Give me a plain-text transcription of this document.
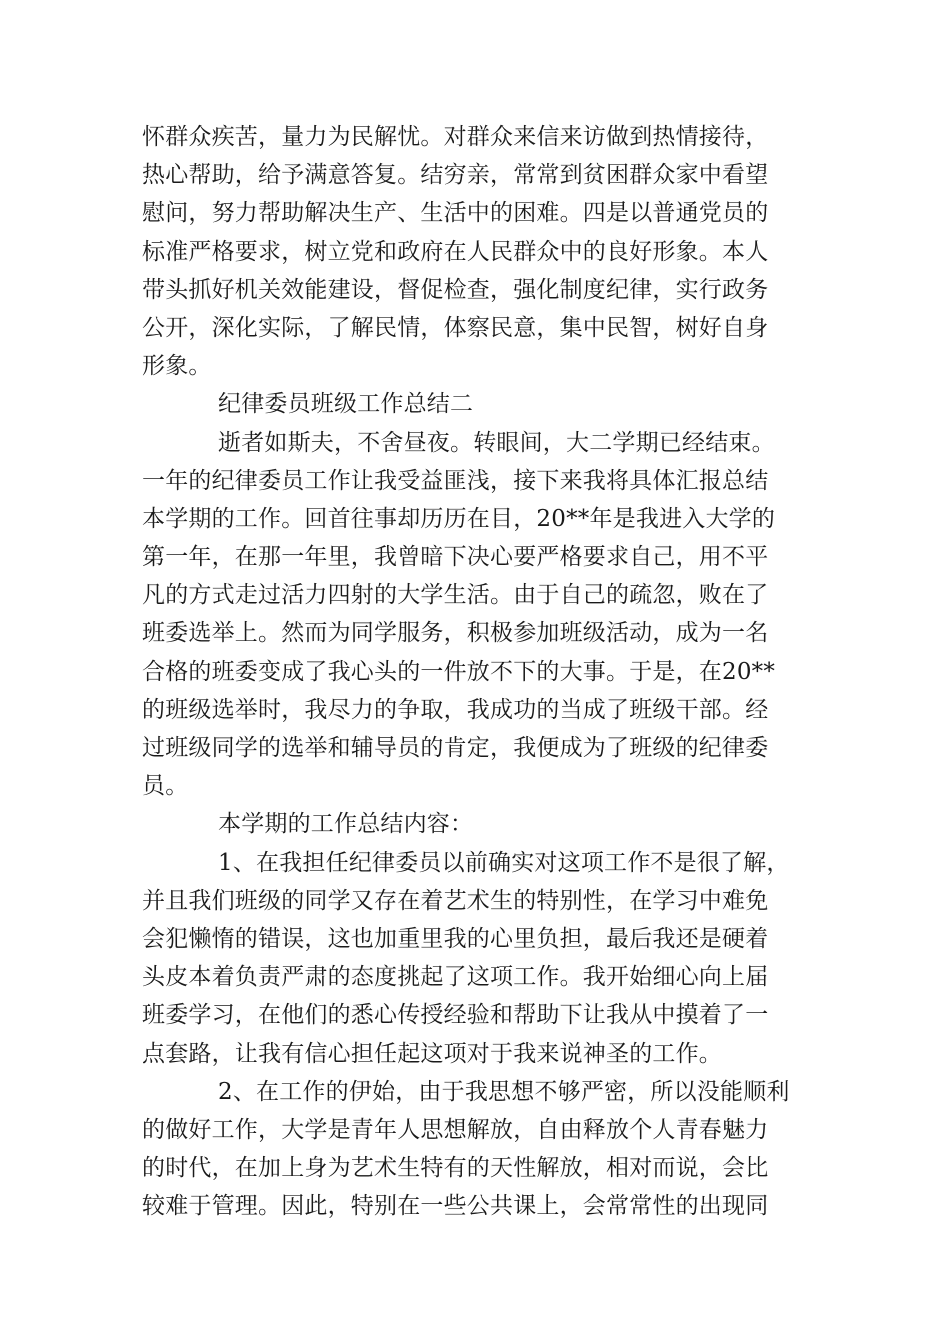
怀群众疾苦，量力为民解忧。对群众来信来访做到热情接待，
热心帮助，给予满意答复。结穷亲，常常到贫困群众家中看望
慰问，努力帮助解决生产、生活中的困难。四是以普通党员的
标准严格要求，树立党和政府在人民群众中的良好形象。本人
带头抓好机关效能建设，督促检查，强化制度纪律，实行政务
公开，深化实际，了解民情，体察民意，集中民智，树好自身
形象。
纪律委员班级工作总结二
逝者如斯夫，不舍昼夜。转眼间，大二学期已经结束。
一年的纪律委员工作让我受益匪浅，接下来我将具体汇报总结
本学期的工作。回首往事却历历在目，20**年是我进入大学的
第一年，在那一年里，我曾暗下决心要严格要求自己，用不平
凡的方式走过活力四射的大学生活。由于自己的疏忽，败在了
班委选举上。然而为同学服务，积极参加班级活动，成为一名
合格的班委变成了我心头的一件放不下的大事。于是，在20**
的班级选举时，我尽力的争取，我成功的当成了班级干部。经
过班级同学的选举和辅导员的肯定，我便成为了班级的纪律委
员。
本学期的工作总结内容：
1、在我担任纪律委员以前确实对这项工作不是很了解，
并且我们班级的同学又存在着艺术生的特别性，在学习中难免
会犯懒惰的错误，这也加重里我的心里负担，最后我还是硬着
头皮本着负责严肃的态度挑起了这项工作。我开始细心向上届
班委学习，在他们的悉心传授经验和帮助下让我从中摸着了一
点套路，让我有信心担任起这项对于我来说神圣的工作。
2、在工作的伊始，由于我思想不够严密，所以没能顺利
的做好工作，大学是青年人思想解放，自由释放个人青春魅力
的时代，在加上身为艺术生特有的天性解放，相对而说，会比
较难于管理。因此，特别在一些公共课上，会常常性的出现同
